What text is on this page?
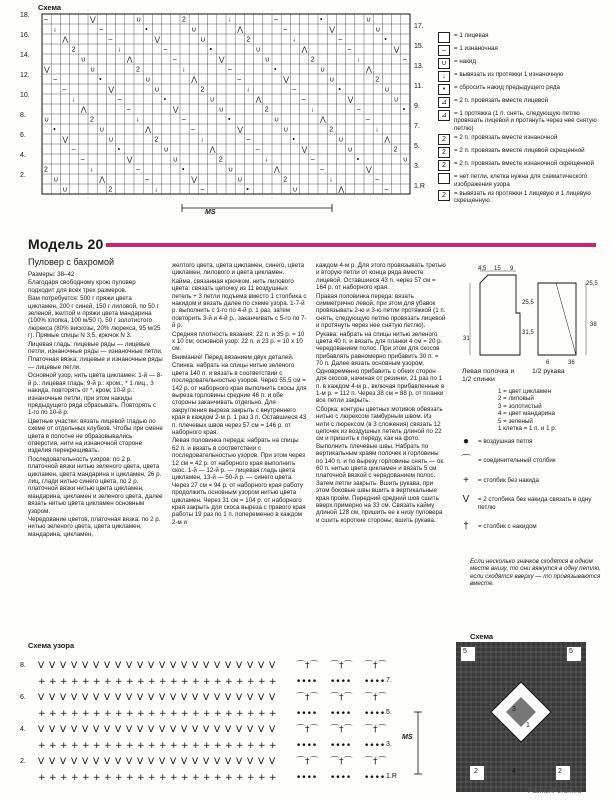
Схема
–	⋁	∪	2	↓	–	•	∪
↓	–	•	∪	⋀	–	⋁	∪
⋀	–	⋁	∪	2	↓	–	•
2	↓	–	•	∪	⋀	–	⋁
∪	⋀	–	⋁	∪	2	↓	–
⋁	∪	2	↓	–	•	∪	⋀
–	•	∪	⋀	–	⋁	∪	2
–	⋁	∪	2	↓	–	•	∪
↓	–	•	∪	⋀	–	⋁	∪
⋀	–	⋁	∪	2	↓	–	•
∪	2	↓	–	•	∪	⋀	–
•	∪	⋀	–	⋁	∪	2	↓
⋁	∪	2	↓	–	•	∪	⋀
–	•	∪	⋀	–	⋁	∪	2
–	⋁	∪	2	↓	–	•	∪
2	↓	–	•	∪	⋀	–	⋁
∪	⋀	–	⋁	∪	2	↓	–
∪	2	↓	–	•	∪	⋀	–
MS
18.
16.
14.
12.
10.
8.
6.
4.
2.
17.
15.
13.
11.
9.
7.
5.
3.
1.R
= 1 лицевая
–	= 1 изнаночная
∪	= накид
↓	= вывязать из протяжки 1 изнаночную
•	= сбросить накид предыдущего ряда
⊿	= 2 п. провязать вместе лицевой
⊿	= 1 протяжка (1 п. снять, следующую петлю провязать лицевой и протянуть через нее снятую петлю)
2	= 2 п. провязать вместе изнаночной
2	= 2 п. провязать вместе лицевой скрещенной
2	= 2 п. провязать вместе изнаночной скрещенной
= нет петли, клетка нужна для схематического изображения узора
2	= вывязать из протяжки 1 лицевую и 1 лицевую скрещенную
Модель 20
Пуловер с бахромой

Размеры: 38–42

Благодаря свободному крою пуловер подходит для всех трех размеров.

Вам потребуется: 500 г пряжи цвета цикламен, 200 г синей, 150 г лиловой, по 50 г зеленой, желтой и пряжи цвета мандарина (100% хлопка, 100 м/50 г), 50 г золотистого люрекса (80% вискозы, 20% люрекса, 95 м/25 г). Прямые спицы N 3,5, крючок N 3.

Лицевая гладь: лицевые ряды — лицевые петли, изнаночные ряды — изнаночные петли.

Платочная вязка: лицевые и изнаночные ряды — лицевые петли.

Основной узор, нить цвета цикламен: 1-й — 8-й р.: лицевая гладь; 9-й р.: кром., * 1 лиц., 3 накида, повторять от *, кром; 10-й р.: изнаночные петли, при этом накиды предыдущего ряда сбрасывать. Повторять с 1-го по 10-й р.

Цветные участки: вязать лицевой гладью по схеме от отдельных клубков. Чтобы при смене цвета в полотне не образовывались отверстия, нити на изнаночной стороне изделия перекрещивать.

Последовательность узоров: по 2 р. платочной вязки нитью зеленого цвета, цвета цикламен, цвета мандарина и цикламен, 26 р. лиц. глади нитью синего цвета, по 2 р. платочной вязки нитью цвета цикламен, мандарина, цикламен и зеленого цвета, далее вязать нитью цвета цикламен основным узором.

Чередование цветов, платочная вязка: по 2 р. нитью зеленого цвета, цвета цикламен, мандарина, цикламен,

желтого цвета, цвета цикламен, синего, цвета цикламен, лилового и цвета цикламен.

Кайма, связанная крючком, нить лилового цвета: связать цепочку из 11 воздушных петель + 3 петли подъема вместо 1 столбика с накидом и вязать далее по схеме узора. 1-7-й р. выполнить с 1-го по 4-й р. 1 раз, затем повторить 3-й и 4-й р., заканчивать с 5-го по 7-й р.

Средняя плотность вязания: 22 п. и 35 р. = 10 х 10 см; основной узор: 22 п. и 23 р. = 10 х 10 см.

Внимание! Перед вязанием двух деталей.

Спинка: набрать на спицы нитью зеленого цвета 140 п. и вязать в соответствии с последовательностью узоров. Через 55,5 см = 142 р. от наборного края выполнить скосы для выреза горловины средние 46 п. и обе стороны заканчивать отдельно. Для закругления выреза закрыть с внутреннего края в каждом 2-м р. 1 раз 3 п. Оставшиеся 43 п. плечевых швов через 57 см = 146 р. от наборного края.

Левая половинка переда: набрать на спицы 62 п. и вязать в соответствии с последовательностью узоров. При этом через 12 см = 42 р. от наборного края выполнить скос. 1-й — 12-й р. — лицевая гладь цвета цикламен, 13-й — 50-й р. — синего цвета. Через 27 см = 94 р. от наборного края работу продолжить основным узором нитью цвета цикламен. Через 31 см = 104 р. от наборного края закрыть для скоса выреза с правого края работы 19 раз по 1 п. попеременно в каждом 2-м и

каждом 4-м р. Для этого провязывать третью и вторую петли от конца ряда вместе лицевой. Оставшиеся 43 п. через 57 см = 164 р. от наборного края.

Правая половинка переда: вязать симметрично левой, при этом для убавок провязывать 2-ю и 3-ю петли протяжкой (1 п. снять, следующую петлю провязать лицевой и протянуть через нее снятую петлю).

Рукава: набрать на спицы нитью зеленого цвета 40 п. и вязать для планки 4 см = 20 р. чередованием полос. При этом для скосов прибавлять равномерно прибавить 30 п. = 70 п. Далее вязать основным узором. Одновременно прибавить с обеих сторон для скосов, начиная от резинки, 21 раз по 1 п. в каждом 4-м р., включая прибавленные в 1-м р. = 112 п. Через 38 см = 88 р. от планки все петли закрыть.

Сборка: контуры цветных мотивов обвязать нитью с люрексом тамбурным швом. Из нити с люрексом (в 3 сложения) связать 12 цепочек из воздушных петель длиной по 22 см и пришить к переду, как на фото. Выполнить плечевые швы. Набрать по вертикальным краям полочек и горловины по 140 п. и по вырезу горловины снять — ок. 60 п. нитью цвета цикламен и вязать 5 см платочной вязкой с чередованием полос. Затем петли закрыть. Вшить рукава, при этом боковые швы вшить в вертикальные края пройм. Передний средний шов сшить вверх примерно на 33 см. Связать кайму длиной 128 см, пришить ее к низу пуловера и сшить короткие стороны; вшить рукава.

4,5 15 9
25,5
25,5
31,5
38
31
6	36
Левая полочка и 1/2 спинки
1/2 рукава
1 = цвет цикламен
2 = лиловый
3 = золотистый
4 = цвет мандарина
5 = зеленый
1 клетка = 1 п. и 1 р.
●	= воздушная петля
⌒ = соединительный столбик
+	= столбик без накида
V	= 2 столбика без накида связать в одну петлю
†	= столбик с накидом
Если несколько значков сходятся в одном месте внизу, то они вяжутся в одну петлю, если сходятся вверху — то провязываются вместе.
Схема узора
V V V V V V V V V V V V V V V V V V V V V V ⌒†⌒ ⌒†⌒ ⌒†⌒
+ + + + + + + + + + + + + + + + + + + + + + •••• •••• ••••
V V V V V V V V V V V V V V V V V V V V V V ⌒†⌒ ⌒†⌒ ⌒†⌒
+ + + + + + + + + + + + + + + + + + + + + + •••• •••• ••••
V V V V V V V V V V V V V V V V V V V V V V ⌒†⌒ ⌒†⌒ ⌒†⌒
+ + + + + + + + + + + + + + + + + + + + + + •••• •••• ••••
V V V V V V V V V V V V V V V V V V V V V V ⌒†⌒ ⌒†⌒ ⌒†⌒
+ + + + + + + + + + + + + + + + + + + + + + •••• •••• ••••
MS
8.
6.
4.
2.
7.
5.
3.
1.R
Схема
5	5
3
1
2	4	2
FashionForum.ru
